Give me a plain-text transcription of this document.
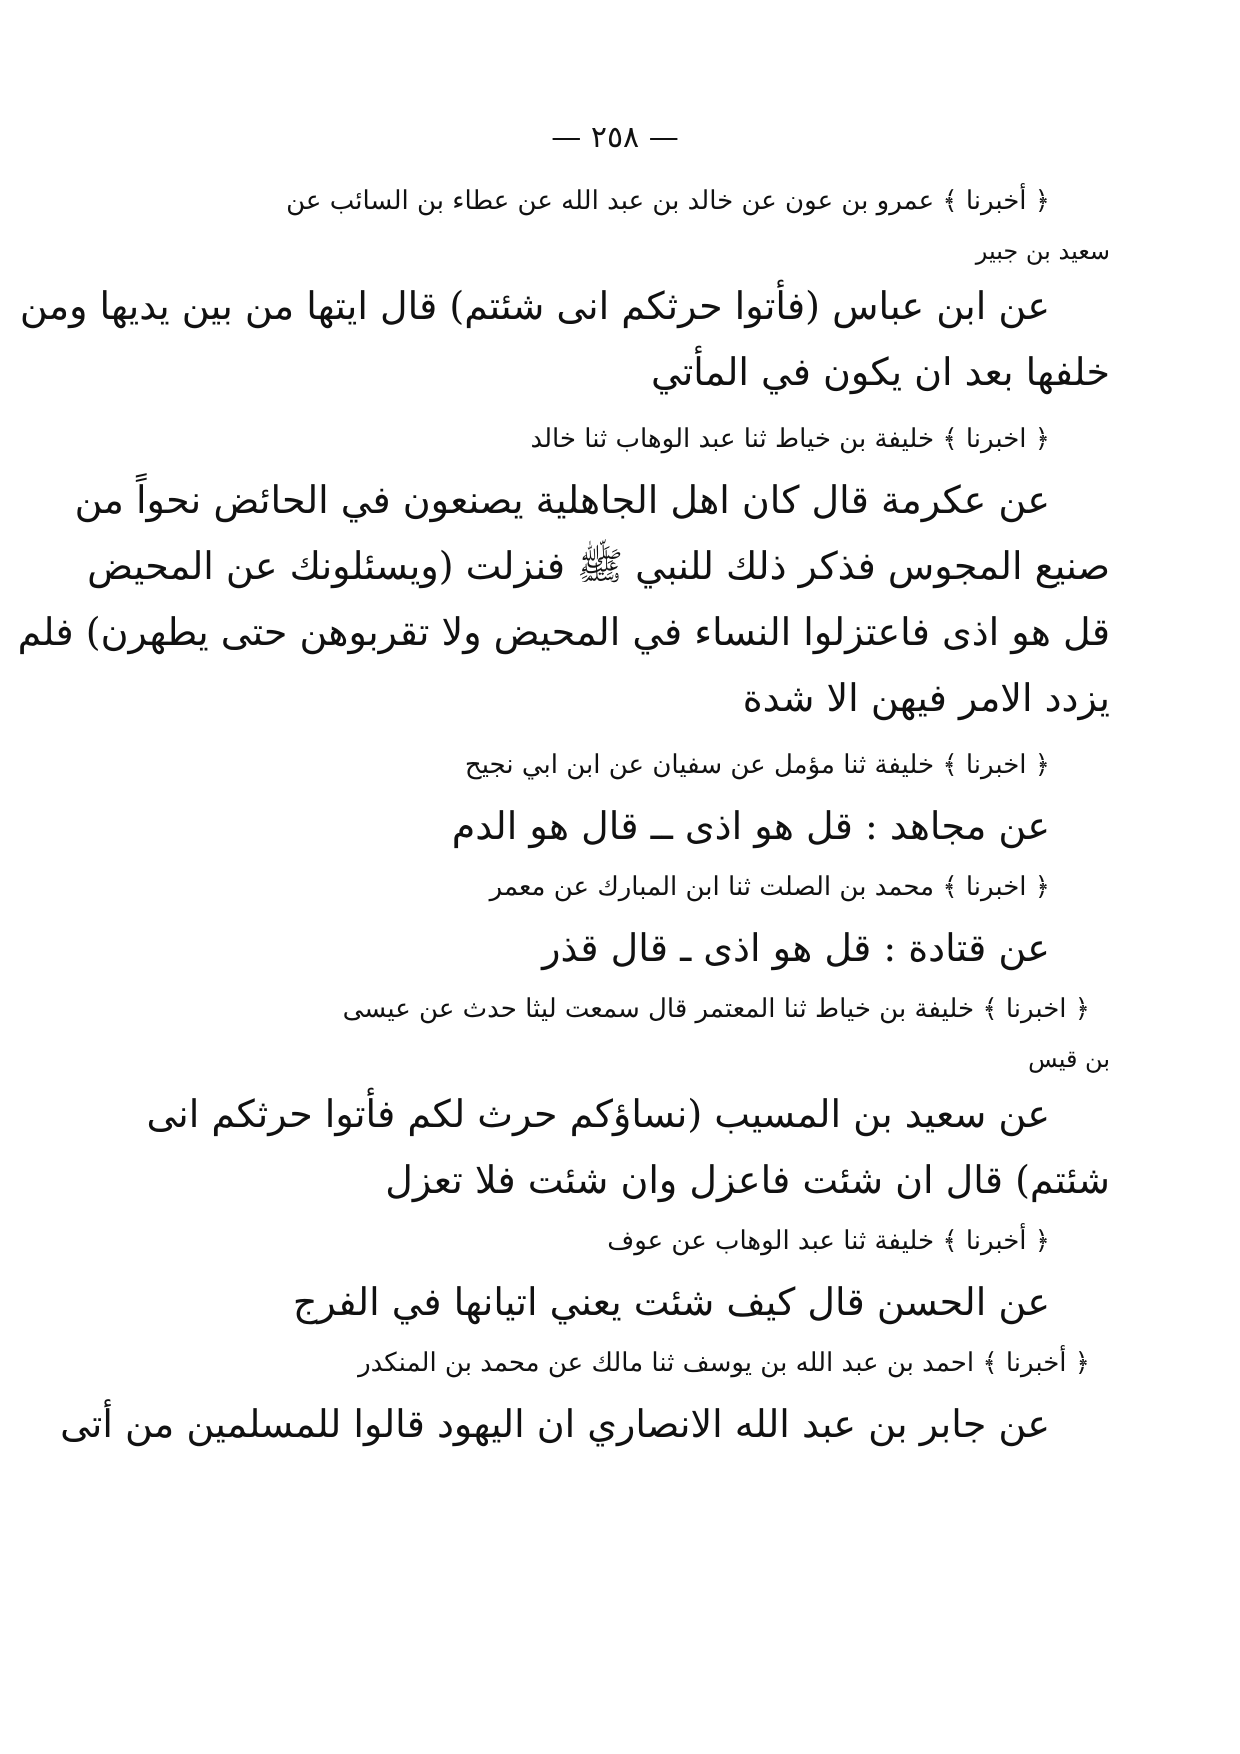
— ٢٥٨ —
﴿ أخبرنا ﴾ عمرو بن عون عن خالد بن عبد الله عن عطاء بن السائب عن
سعيد بن جبير
عن ابن عباس (فأتوا حرثكم انى شئتم) قال ايتها من بين يديها ومن
خلفها بعد ان يكون في المأتي
﴿ اخبرنا ﴾ خليفة بن خياط ثنا عبد الوهاب ثنا خالد
عن عكرمة قال كان اهل الجاهلية يصنعون في الحائض نحواً من
صنيع المجوس فذكر ذلك للنبي ﷺ فنزلت (ويسئلونك عن المحيض
قل هو اذى فاعتزلوا النساء في المحيض ولا تقربوهن حتى يطهرن) فلم
يزدد الامر فيهن الا شدة
﴿ اخبرنا ﴾ خليفة ثنا مؤمل عن سفيان عن ابن ابي نجيح
عن مجاهد : قل هو اذى ــ قال هو الدم
﴿ اخبرنا ﴾ محمد بن الصلت ثنا ابن المبارك عن معمر
عن قتادة : قل هو اذى ـ قال قذر
﴿ اخبرنا ﴾ خليفة بن خياط ثنا المعتمر قال سمعت ليثا حدث عن عيسى
بن قيس
عن سعيد بن المسيب (نساؤكم حرث لكم فأتوا حرثكم انى
شئتم) قال ان شئت فاعزل وان شئت فلا تعزل
﴿ أخبرنا ﴾ خليفة ثنا عبد الوهاب عن عوف
عن الحسن قال كيف شئت يعني اتيانها في الفرج
﴿ أخبرنا ﴾ احمد بن عبد الله بن يوسف ثنا مالك عن محمد بن المنكدر
عن جابر بن عبد الله الانصاري ان اليهود قالوا للمسلمين من أتى
